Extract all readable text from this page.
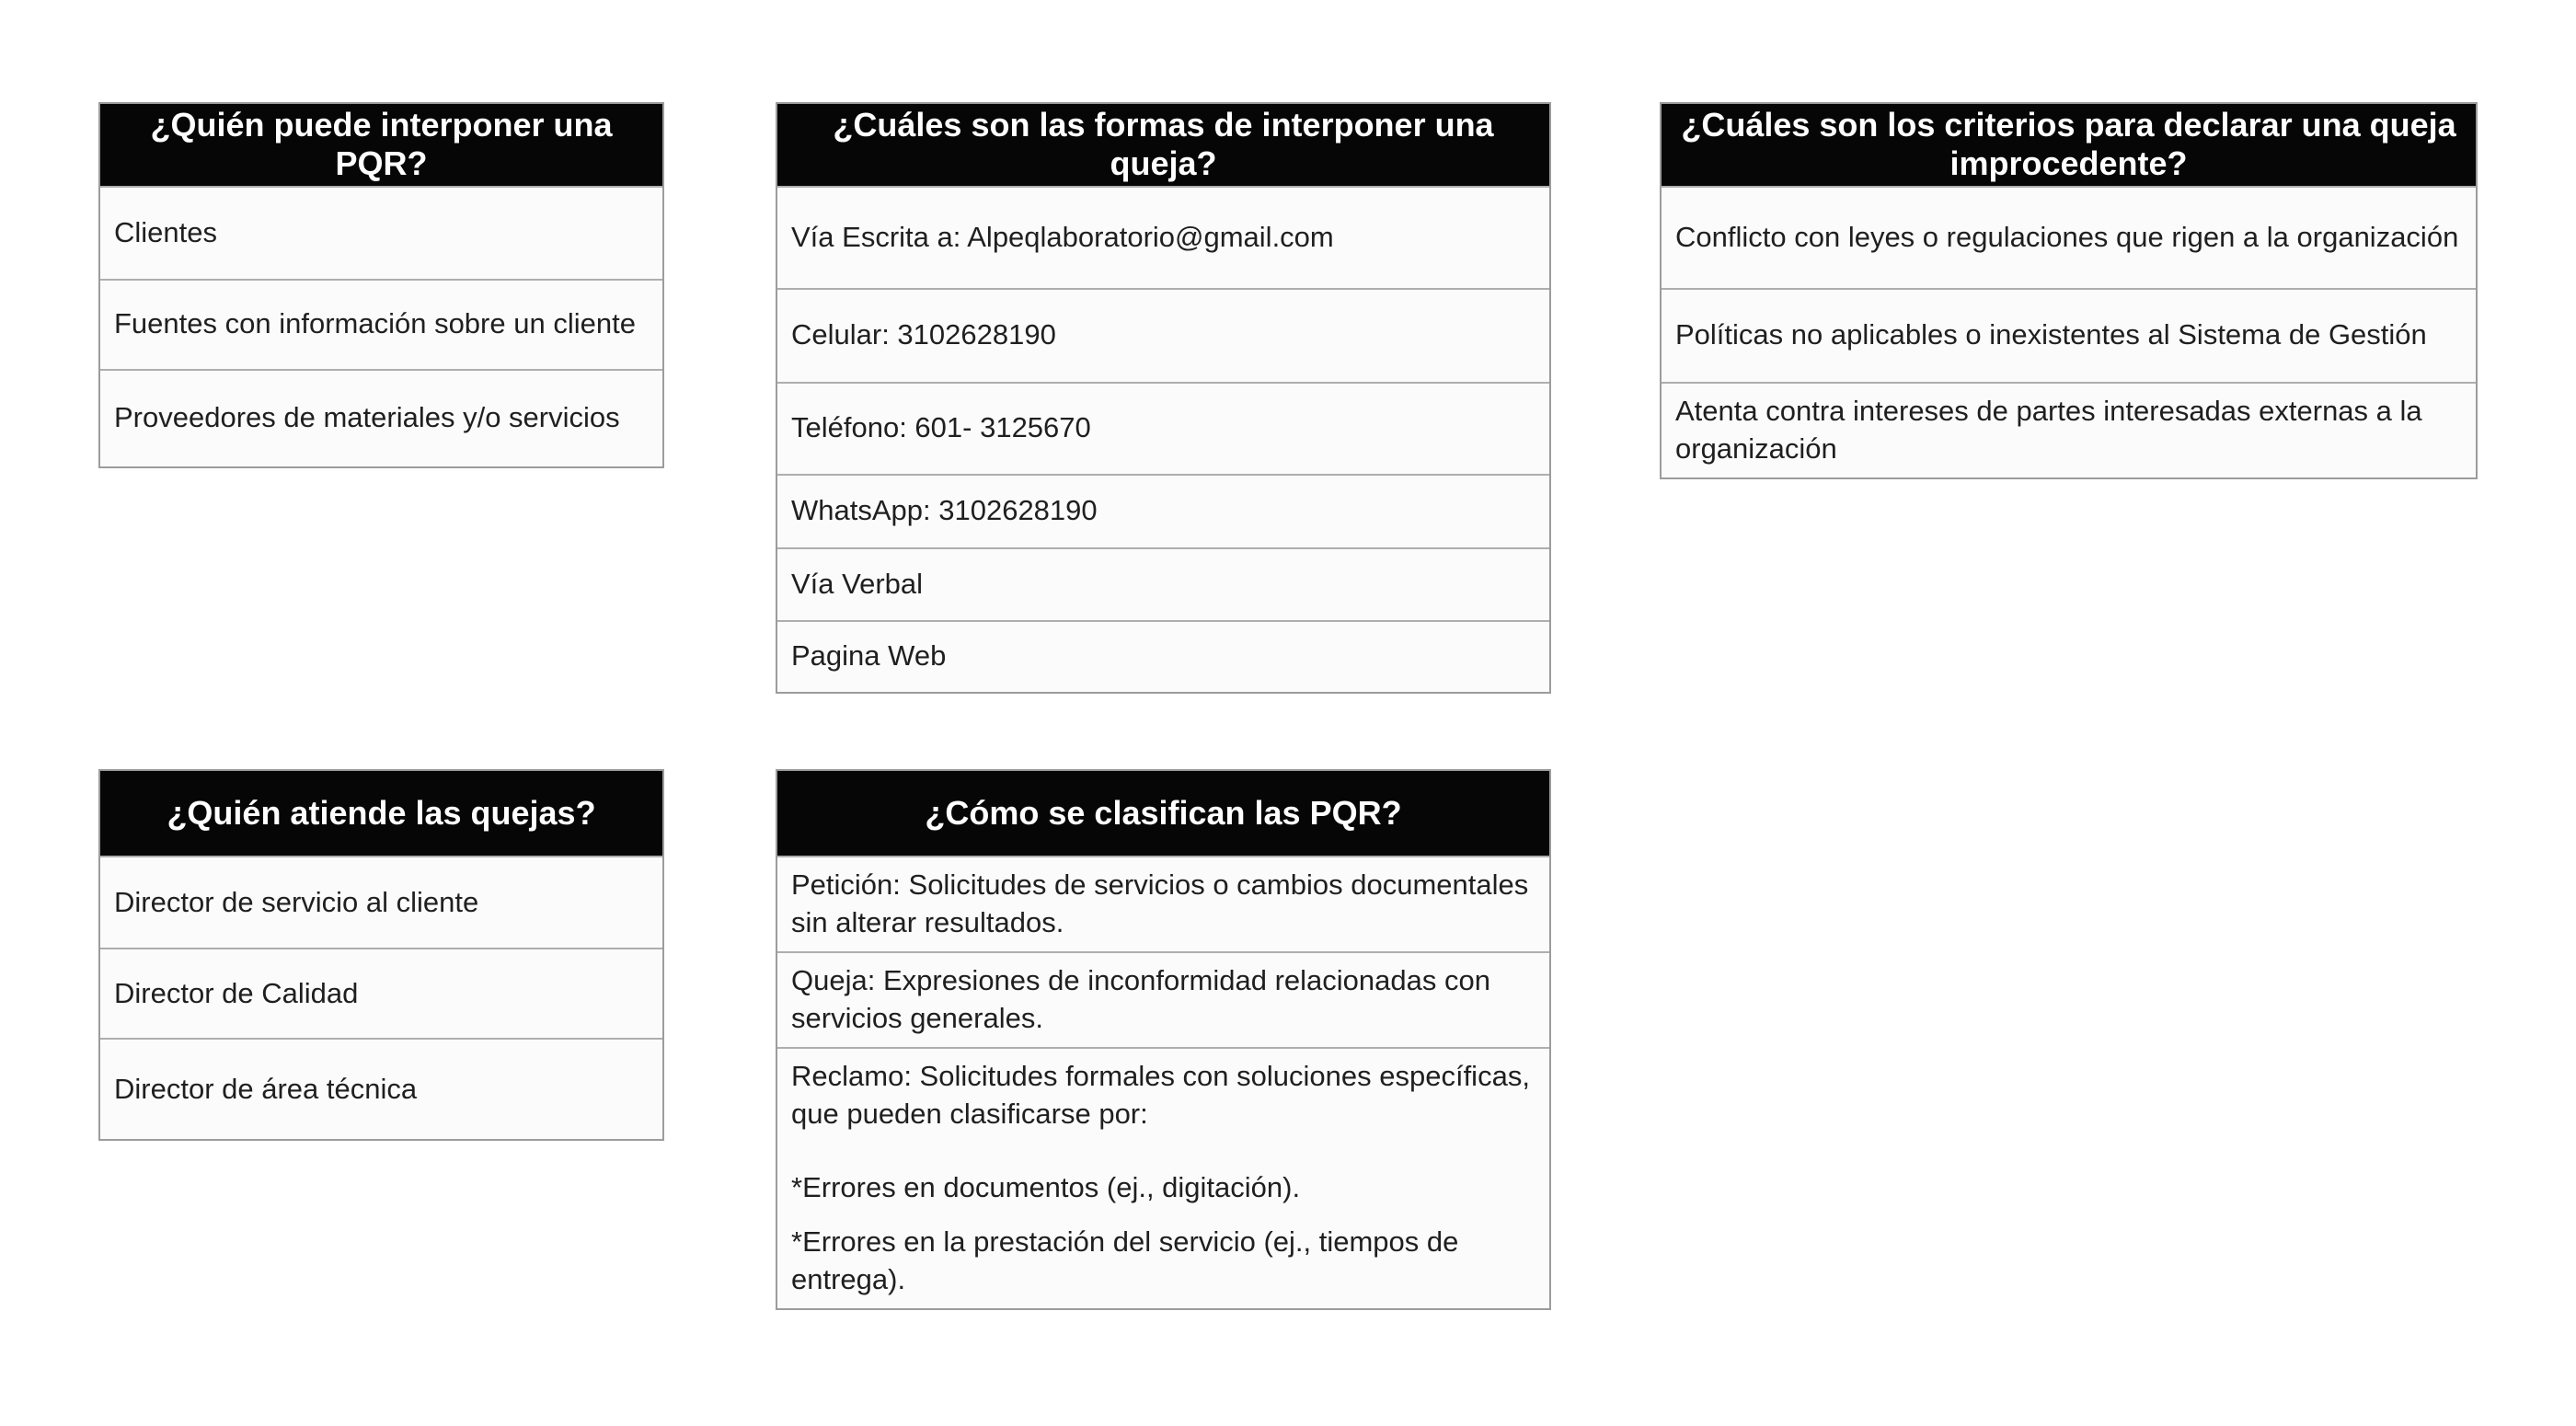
¿Quién puede interponer una PQR?

Clientes

Fuentes con información sobre un cliente

Proveedores de materiales y/o servicios

¿Cuáles son las formas de interponer una queja?

Vía Escrita a: Alpeqlaboratorio@gmail.com

Celular: 3102628190

Teléfono: 601- 3125670

WhatsApp: 3102628190

Vía Verbal

Pagina Web

¿Cuáles son los criterios para declarar una queja improcedente?

Conflicto con leyes o regulaciones que rigen a la organización

Políticas no aplicables o inexistentes al Sistema de Gestión

Atenta contra intereses de partes interesadas externas a la organización

¿Quién atiende las quejas?

Director de servicio al cliente

Director de Calidad

Director de área técnica

¿Cómo se clasifican las PQR?

Petición: Solicitudes de servicios o cambios documentales sin alterar resultados.

Queja: Expresiones de inconformidad relacionadas con servicios generales.

Reclamo: Solicitudes formales con soluciones específicas, que pueden clasificarse por:

*Errores en documentos (ej., digitación).

*Errores en la prestación del servicio (ej., tiempos de entrega).
